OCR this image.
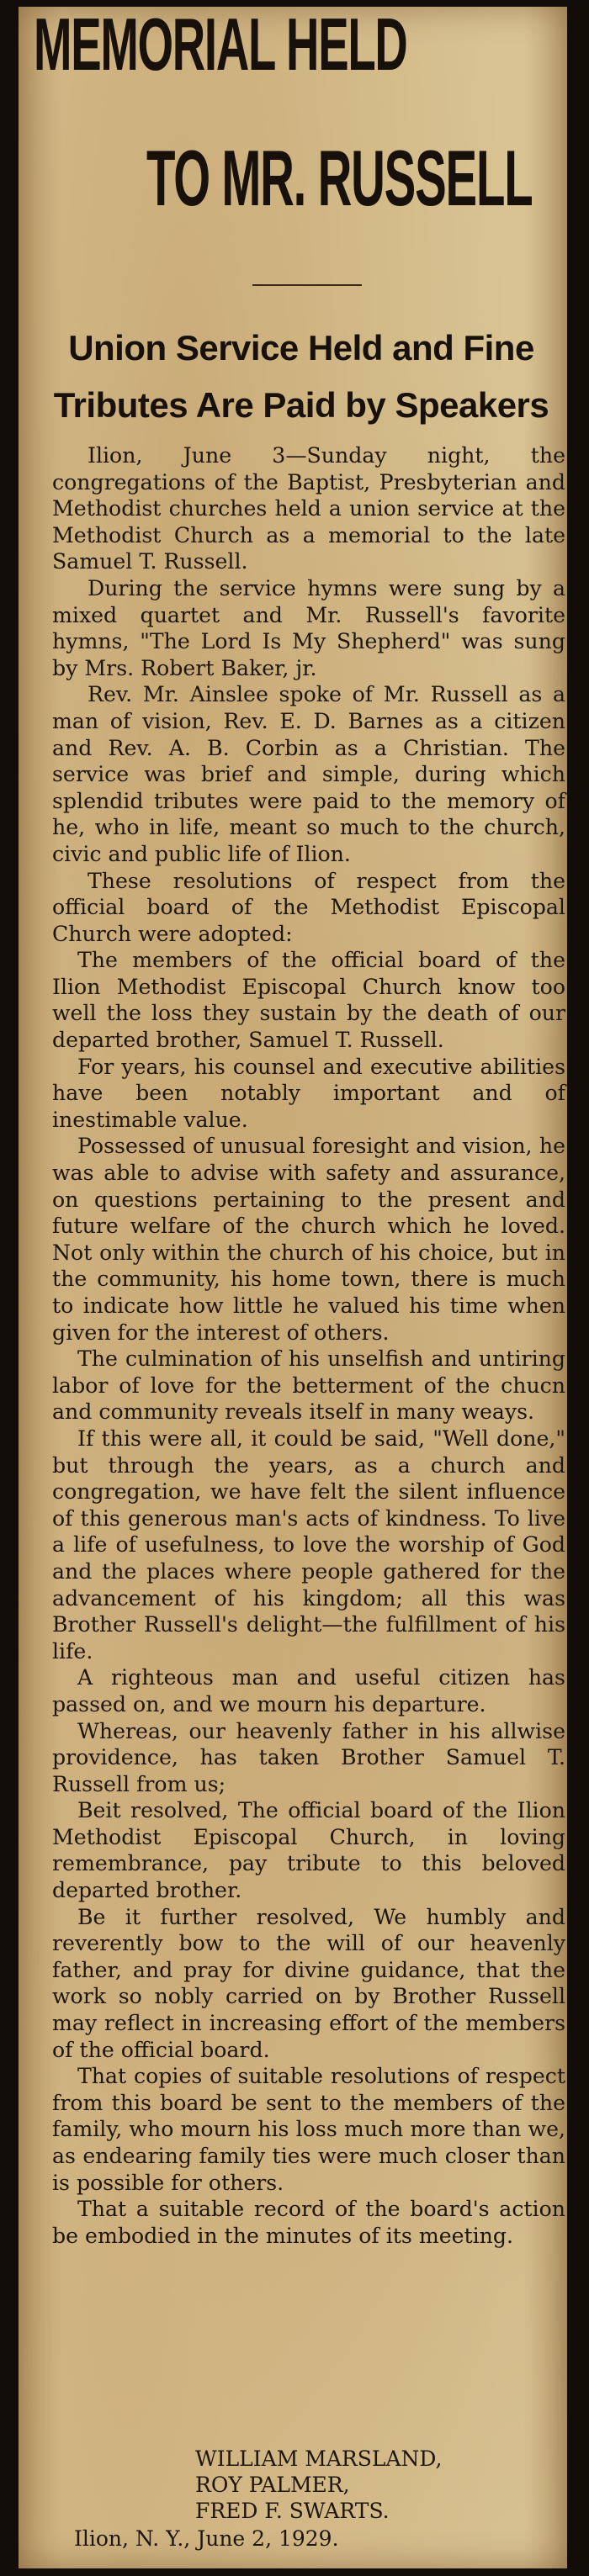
MEMORIAL HELD
TO MR. RUSSELL
Union Service Held and Fine Tributes Are Paid by Speakers

Ilion, June 3—Sunday night, the congregations of the Baptist, Presbyterian and Methodist churches held a union service at the Methodist Church as a memorial to the late Samuel T. Russell.

During the service hymns were sung by a mixed quartet and Mr. Russell's favorite hymns, "The Lord Is My Shepherd" was sung by Mrs. Robert Baker, jr.

Rev. Mr. Ainslee spoke of Mr. Russell as a man of vision, Rev. E. D. Barnes as a citizen and Rev. A. B. Corbin as a Christian. The service was brief and simple, during which splendid tributes were paid to the memory of he, who in life, meant so much to the church, civic and public life of Ilion.

These resolutions of respect from the official board of the Methodist Episcopal Church were adopted:

The members of the official board of the Ilion Methodist Episcopal Church know too well the loss they sustain by the death of our departed brother, Samuel T. Russell.

For years, his counsel and executive abilities have been notably important and of inestimable value.

Possessed of unusual foresight and vision, he was able to advise with safety and assurance, on questions pertaining to the present and future welfare of the church which he loved. Not only within the church of his choice, but in the community, his home town, there is much to indicate how little he valued his time when given for the interest of others.

The culmination of his unselfish and untiring labor of love for the betterment of the chucn and community reveals itself in many weays.

If this were all, it could be said, "Well done," but through the years, as a church and congregation, we have felt the silent influence of this generous man's acts of kindness. To live a life of usefulness, to love the worship of God and the places where people gathered for the advancement of his kingdom; all this was Brother Russell's delight—the fulfillment of his life.

A righteous man and useful citizen has passed on, and we mourn his departure.

Whereas, our heavenly father in his allwise providence, has taken Brother Samuel T. Russell from us;

Beit resolved, The official board of the Ilion Methodist Episcopal Church, in loving remembrance, pay tribute to this beloved departed brother.

Be it further resolved, We humbly and reverently bow to the will of our heavenly father, and pray for divine guidance, that the work so nobly carried on by Brother Russell may reflect in increasing effort of the members of the official board.

That copies of suitable resolutions of respect from this board be sent to the members of the family, who mourn his loss much more than we, as endearing family ties were much closer than is possible for others.

That a suitable record of the board's action be embodied in the minutes of its meeting.

WILLIAM MARSLAND,
ROY PALMER,
FRED F. SWARTS.
Ilion, N. Y., June 2, 1929.
